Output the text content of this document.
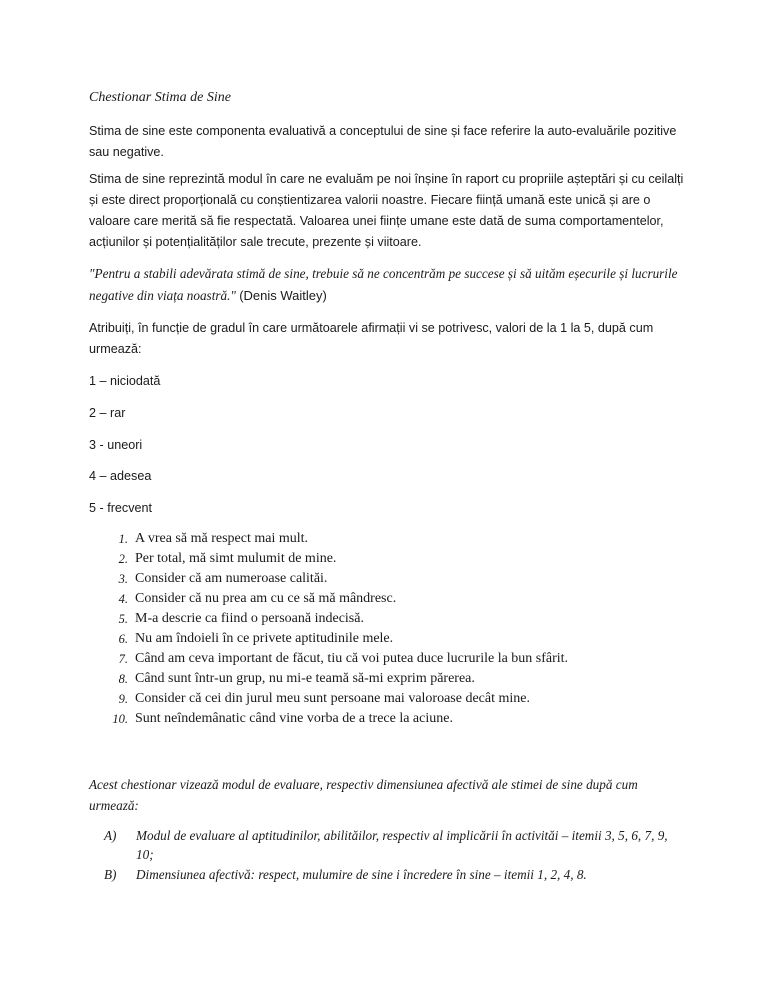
Chestionar Stima de Sine

Stima de sine este componenta evaluativă a conceptului de sine și face referire la auto-evaluările pozitive sau negative.

Stima de sine reprezintă modul în care ne evaluăm pe noi înșine în raport cu propriile așteptări și cu ceilalți și este direct proporțională cu conștientizarea valorii noastre. Fiecare ființă umană este unică și are o valoare care merită să fie respectată. Valoarea unei ființe umane este dată de suma comportamentelor, acțiunilor și potențialităților sale trecute, prezente și viitoare.

"Pentru a stabili adevărata stimă de sine, trebuie să ne concentrăm pe succese și să uităm eșecurile și lucrurile negative din viața noastră." (Denis Waitley)

Atribuiți, în funcție de gradul în care următoarele afirmații vi se potrivesc, valori de la 1 la 5, după cum urmează:

1 – niciodată

2 – rar

3 - uneori

4 – adesea

5 - frecvent

1. A vrea să mă respect mai mult.
2. Per total, mă simt mulumit de mine.
3. Consider că am numeroase calităi.
4. Consider că nu prea am cu ce să mă mândresc.
5. M-a descrie ca fiind o persoană indecisă.
6. Nu am îndoieli în ce privete aptitudinile mele.
7. Când am ceva important de făcut, tiu că voi putea duce lucrurile la bun sfârit.
8. Când sunt într-un grup, nu mi-e teamă să-mi exprim părerea.
9. Consider că cei din jurul meu sunt persoane mai valoroase decât mine.
10. Sunt neîndemânatic când vine vorba de a trece la aciune.

Acest chestionar vizează modul de evaluare, respectiv dimensiunea afectivă ale stimei de sine după cum urmează:

A)	Modul de evaluare al aptitudinilor, abilităilor, respectiv al implicării în activităi – itemii 3, 5, 6, 7, 9, 10;
B)	Dimensiunea afectivă: respect, mulumire de sine i încredere în sine – itemii 1, 2, 4, 8.
